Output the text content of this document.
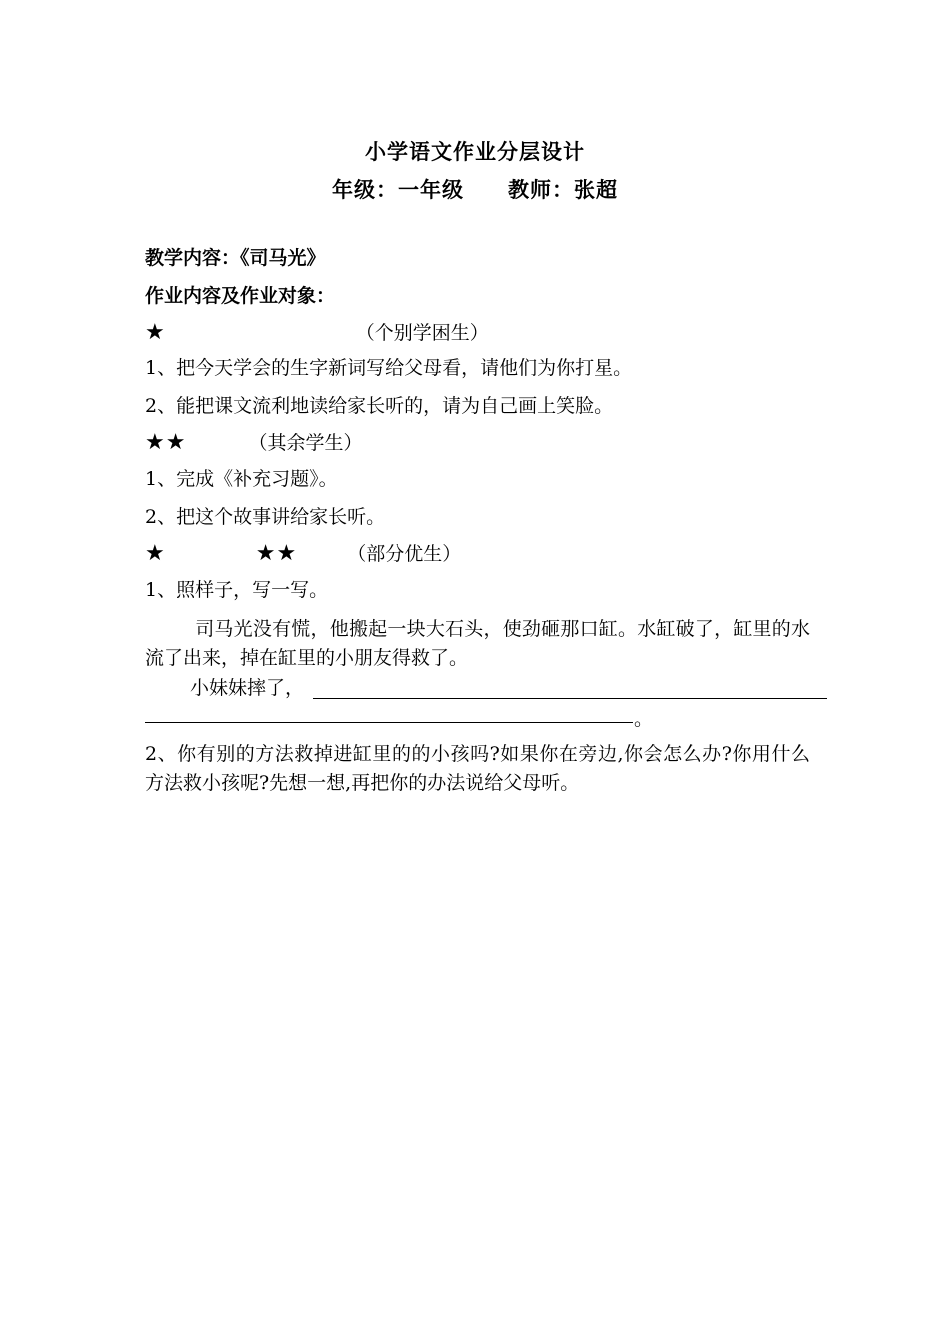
小学语文作业分层设计
年级：一年级 教师：张超
教学内容：《司马光》
作业内容及作业对象：
★	（个别学困生）
1、把今天学会的生字新词写给父母看，请他们为你打星。
2、能把课文流利地读给家长听的，请为自己画上笑脸。
★★	（其余学生）
1、完成《补充习题》。
2、把这个故事讲给家长听。
★	★★	（部分优生）
1、照样子，写一写。
司马光没有慌，他搬起一块大石头，使劲砸那口缸。水缸破了，缸里的水流了出来，掉在缸里的小朋友得救了。
小妹妹摔了，
。
2、你有别的方法救掉进缸里的的小孩吗?如果你在旁边,你会怎么办?你用什么方法救小孩呢?先想一想,再把你的办法说给父母听。
